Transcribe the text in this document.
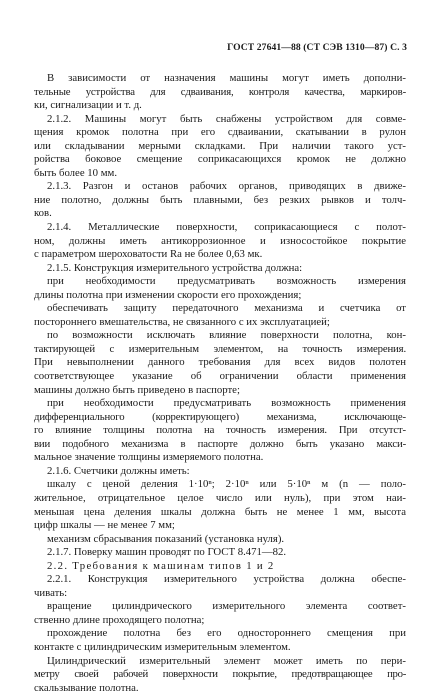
ГОСТ 27641—88 (СТ СЭВ 1310—87) С. 3
В зависимости от назначения машины могут иметь дополни-
тельные устройства для сдваивания, контроля качества, маркиров-
ки, сигнализации и т. д.
2.1.2. Машины могут быть снабжены устройством для совме-
щения кромок полотна при его сдваивании, скатывании в рулон
или складывании мерными складками. При наличии такого уст-
ройства боковое смещение соприкасающихся кромок не должно
быть более 10 мм.
2.1.3. Разгон и останов рабочих органов, приводящих в движе-
ние полотно, должны быть плавными, без резких рывков и толч-
ков.
2.1.4. Металлические поверхности, соприкасающиеся с полот-
ном, должны иметь антикоррозионное и износостойкое покрытие
с параметром шероховатости Ra не более 0,63 мк.
2.1.5. Конструкция измерительного устройства должна:
при необходимости предусматривать возможность измерения
длины полотна при изменении скорости его прохождения;
обеспечивать защиту передаточного механизма и счетчика от
постороннего вмешательства, не связанного с их эксплуатацией;
по возможности исключать влияние поверхности полотна, кон-
тактирующей с измерительным элементом, на точность измерения.
При невыполнении данного требования для всех видов полотен
соответствующее указание об ограничении области применения
машины должно быть приведено в паспорте;
при необходимости предусматривать возможность применения
дифференциального (корректирующего) механизма, исключающе-
го влияние толщины полотна на точность измерения. При отсутст-
вии подобного механизма в паспорте должно быть указано макси-
мальное значение толщины измеряемого полотна.
2.1.6. Счетчики должны иметь:
шкалу с ценой деления 1·10ⁿ; 2·10ⁿ или 5·10ⁿ м (n — поло-
жительное, отрицательное целое число или нуль), при этом наи-
меньшая цена деления шкалы должна быть не менее 1 мм, высота
цифр шкалы — не менее 7 мм;
механизм сбрасывания показаний (установка нуля).
2.1.7. Поверку машин проводят по ГОСТ 8.471—82.
2.2. Требования к машинам типов 1 и 2
2.2.1. Конструкция измерительного устройства должна обеспе-
чивать:
вращение цилиндрического измерительного элемента соответ-
ственно длине проходящего полотна;
прохождение полотна без его одностороннего смещения при
контакте с цилиндрическим измерительным элементом.
Цилиндрический измерительный элемент может иметь по пери-
метру своей рабочей поверхности покрытие, предотвращающее про-
скальзывание полотна.
